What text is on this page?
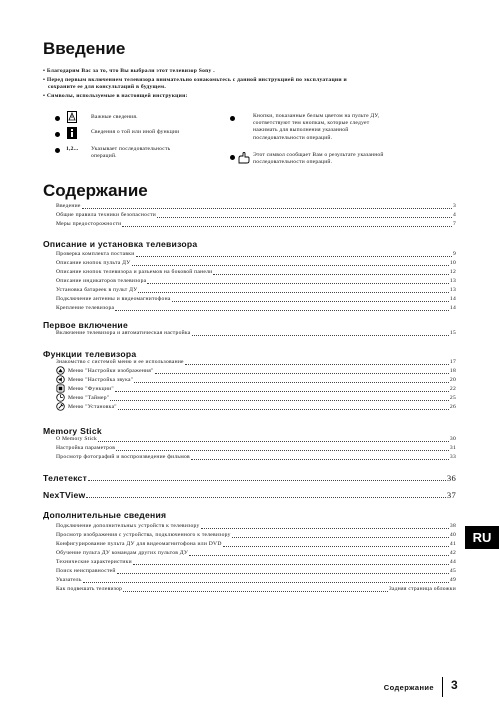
Введение
• Благодарим Вас за то, что Вы выбрали этот телевизор Sony .
• Перед первым включением телевизора внимательно ознакомьтесь с данной инструкцией по эксплуатации и
сохраните ее для консультаций в будущем.
• Символы, используемые в настоящей инструкции:
Важные сведения.
Сведения о той или иной функции
1,2... Указывает последовательность
операций.
Кнопки, показанные белым цветом на пульте ДУ,
соответствуют тем кнопкам, которые следует
нажимать для выполнения указанной
последовательности операций.
Этот символ сообщает Вам о результате указанной
последовательности операций.
Содержание
Введение	3
Общие правила техники безопасности	4
Меры предосторожности	7
Описание и установка телевизора
Проверка комплекта поставки	9
Описание кнопок пульта ДУ	10
Описание кнопок телевизора и разъемов на боковой панели	12
Описание индикаторов телевизора	13
Установка батареек в пульт ДУ	13
Подключение антенны и видеомагнитофона	14
Крепление телевизора	14
Первое включение
Включение телевизора и автоматическая настройка	15
Функции телевизора
Знакомство с системой меню и ее использование	17
Меню "Настройки изображения"	18
Меню "Настройка звука"	20
Меню "Функции"	22
Меню "Таймер"	25
Меню "Установка"	26
Memory Stick
О Memory Stick	30
Настройка параметров	31
Просмотр фотографий и воспроизведение фильмов	33
Телетекст	36
NexTView	37
Дополнительные сведения
Подключение дополнительных устройств к телевизору	38
Просмотр изображения с устройства, подключенного к телевизору	40
Конфигурирование пульта ДУ для видеомагнитофона или DVD	41
Обучение пульта ДУ командам других пультов ДУ	42
Технические характеристики	44
Поиск неисправностей	45
Указатель	49
Как подвешать телевизор	Задняя страница обложки
RU
Содержание 3
